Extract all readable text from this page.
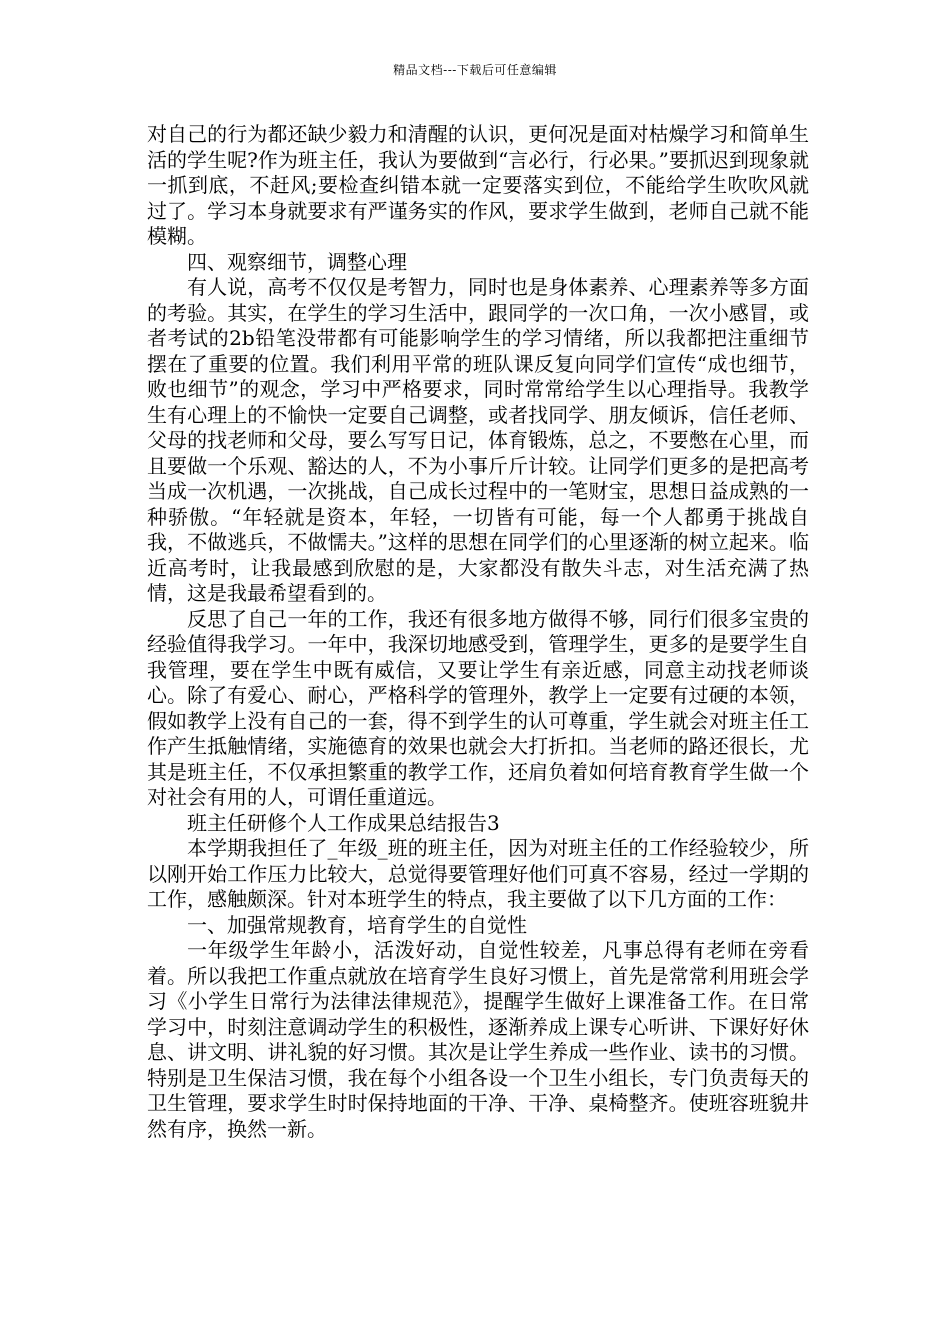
精品文档---下载后可任意编辑

对自己的行为都还缺少毅力和清醒的认识，更何况是面对枯燥学习和简单生活的学生呢?作为班主任，我认为要做到“言必行，行必果。”要抓迟到现象就一抓到底，不赶风;要检查纠错本就一定要落实到位，不能给学生吹吹风就过了。学习本身就要求有严谨务实的作风，要求学生做到，老师自己就不能模糊。

四、观察细节，调整心理

有人说，高考不仅仅是考智力，同时也是身体素养、心理素养等多方面的考验。其实，在学生的学习生活中，跟同学的一次口角，一次小感冒，或者考试的2b铅笔没带都有可能影响学生的学习情绪，所以我都把注重细节摆在了重要的位置。我们利用平常的班队课反复向同学们宣传“成也细节，败也细节”的观念，学习中严格要求，同时常常给学生以心理指导。我教学生有心理上的不愉快一定要自己调整，或者找同学、朋友倾诉，信任老师、父母的找老师和父母，要么写写日记，体育锻炼，总之，不要憋在心里，而且要做一个乐观、豁达的人，不为小事斤斤计较。让同学们更多的是把高考当成一次机遇，一次挑战，自己成长过程中的一笔财宝，思想日益成熟的一种骄傲。“年轻就是资本，年轻，一切皆有可能，每一个人都勇于挑战自我，不做逃兵，不做懦夫。”这样的思想在同学们的心里逐渐的树立起来。临近高考时，让我最感到欣慰的是，大家都没有散失斗志，对生活充满了热情，这是我最希望看到的。

反思了自己一年的工作，我还有很多地方做得不够，同行们很多宝贵的经验值得我学习。一年中，我深切地感受到，管理学生，更多的是要学生自我管理，要在学生中既有威信，又要让学生有亲近感，同意主动找老师谈心。除了有爱心、耐心，严格科学的管理外，教学上一定要有过硬的本领，假如教学上没有自己的一套，得不到学生的认可尊重，学生就会对班主任工作产生抵触情绪，实施德育的效果也就会大打折扣。当老师的路还很长，尤其是班主任，不仅承担繁重的教学工作，还肩负着如何培育教育学生做一个对社会有用的人，可谓任重道远。

班主任研修个人工作成果总结报告3

本学期我担任了_年级_班的班主任，因为对班主任的工作经验较少，所以刚开始工作压力比较大，总觉得要管理好他们可真不容易，经过一学期的工作，感触颇深。针对本班学生的特点，我主要做了以下几方面的工作：

一、加强常规教育，培育学生的自觉性

一年级学生年龄小，活泼好动，自觉性较差，凡事总得有老师在旁看着。所以我把工作重点就放在培育学生良好习惯上，首先是常常利用班会学习《小学生日常行为法律法律规范》，提醒学生做好上课准备工作。在日常学习中，时刻注意调动学生的积极性，逐渐养成上课专心听讲、下课好好休息、讲文明、讲礼貌的好习惯。其次是让学生养成一些作业、读书的习惯。特别是卫生保洁习惯，我在每个小组各设一个卫生小组长，专门负责每天的卫生管理，要求学生时时保持地面的干净、干净、桌椅整齐。使班容班貌井然有序，换然一新。
